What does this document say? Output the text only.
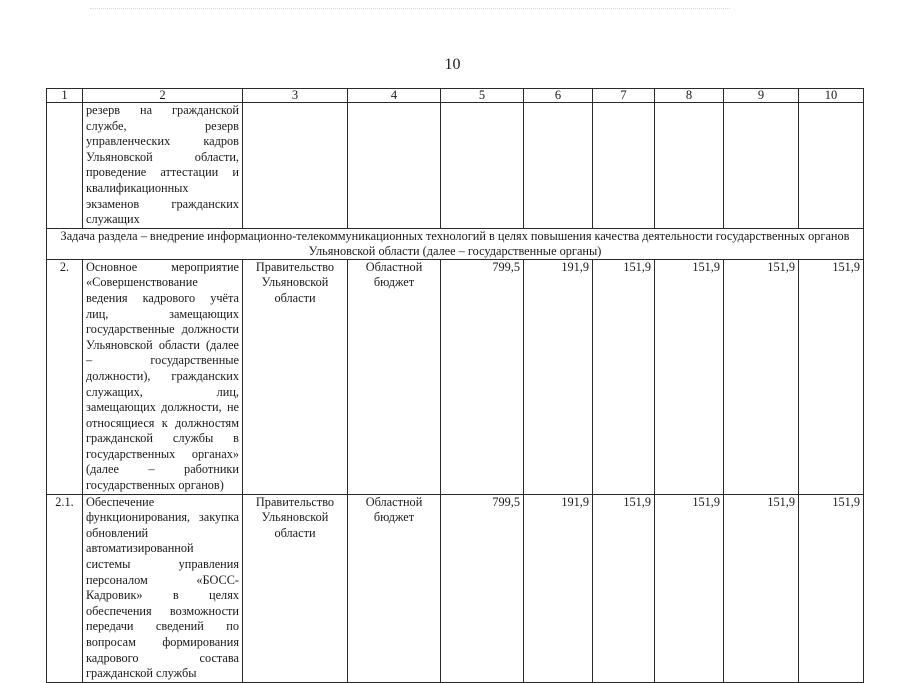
10
1	2	3	4	5	6	7	8	9	10
	резерв на гражданской службе, резерв управленческих кадров Ульяновской области, проведение аттестации и квалификационных экзаменов гражданских служащих								
Задача раздела – внедрение информационно-телекоммуникационных технологий в целях повышения качества деятельности государственных органов Ульяновской области (далее – государственные органы)									
2.	Основное мероприятие «Совершенствование ведения кадрового учёта лиц, замещающих государственные должности Ульяновской области (далее – государственные должности), гражданских служащих, лиц, замещающих должности, не относящиеся к должностям гражданской службы в государственных органах» (далее – работники государственных органов)	Правительство Ульяновской области	Областной бюджет	799,5	191,9	151,9	151,9	151,9	151,9
2.1.	Обеспечение функционирования, закупка обновлений автоматизированной системы управления персоналом «БОСС-Кадровик» в целях обеспечения возможности передачи сведений по вопросам формирования кадрового состава гражданской службы	Правительство Ульяновской области	Областной бюджет	799,5	191,9	151,9	151,9	151,9	151,9
